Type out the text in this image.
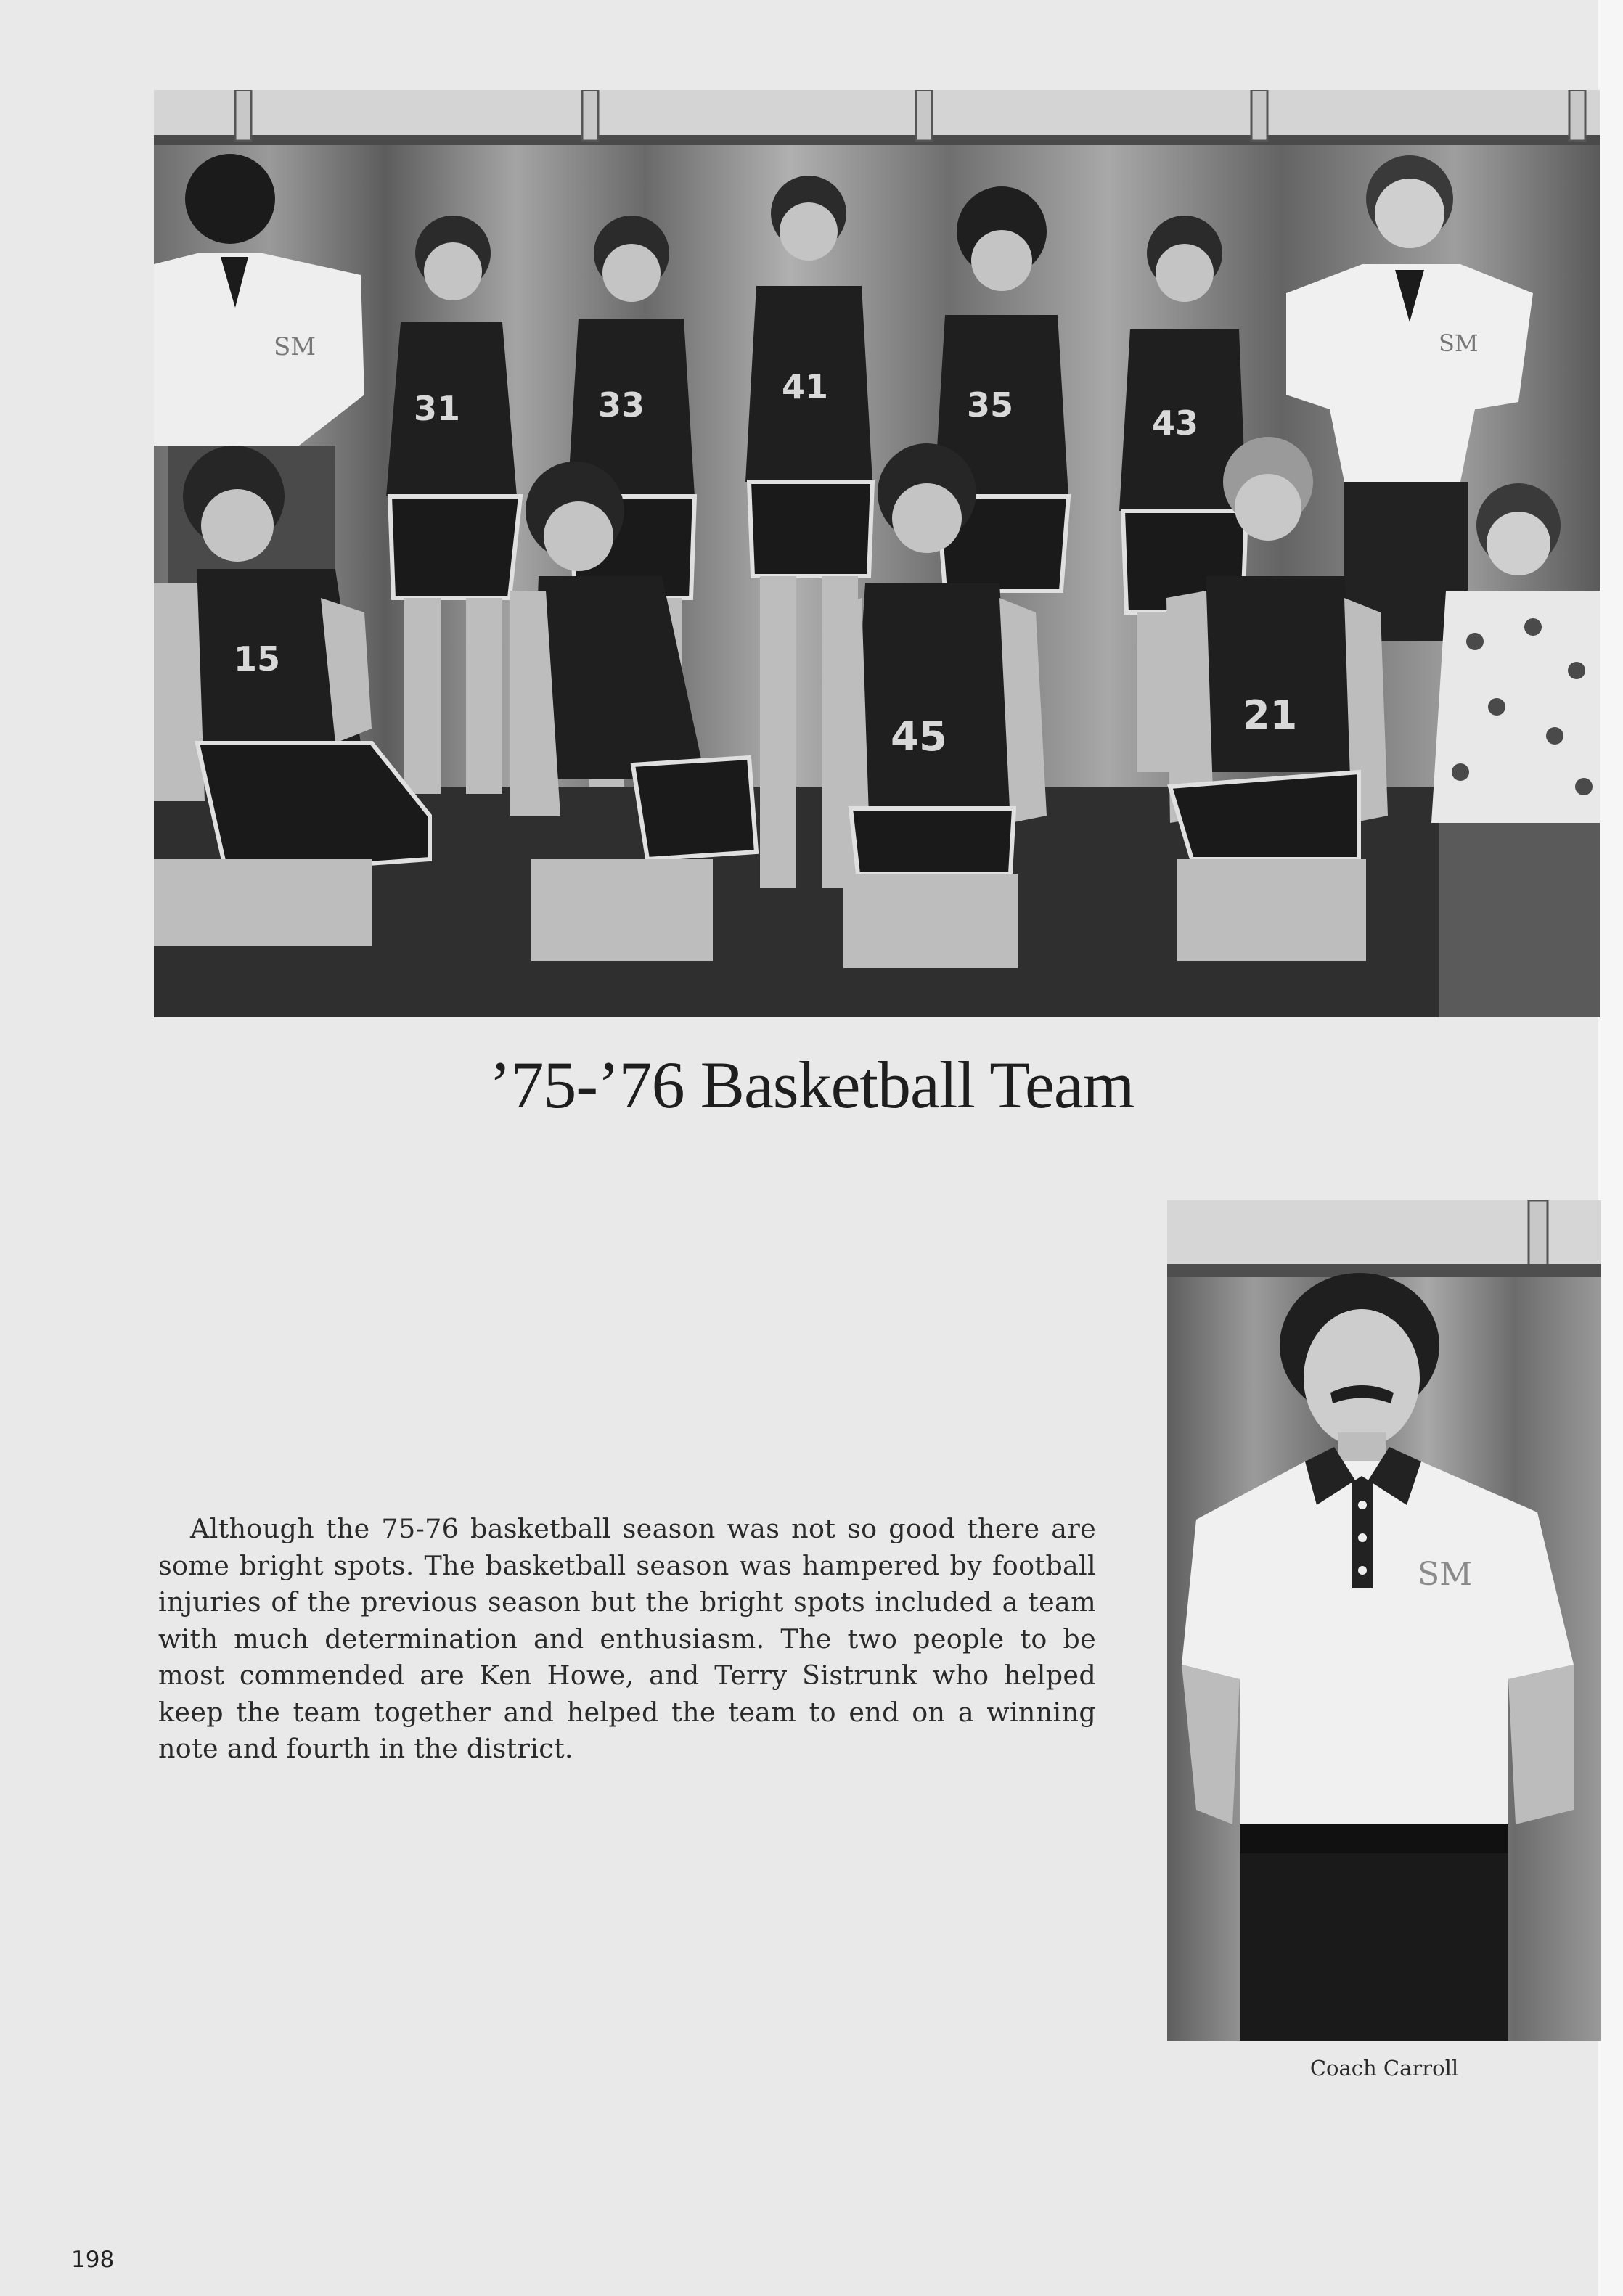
SM	SM
31	33	41	35	43
15
45	21
’75-’76 Basketball Team

Although the 75-76 basketball season was not so good there are some bright spots. The basketball season was hampered by football injuries of the previous season but the bright spots included a team with much determination and enthusiasm. The two people to be most commended are Ken Howe, and Terry Sistrunk who helped keep the team together and helped the team to end on a winning note and fourth in the district.

SM
Coach Carroll
198
